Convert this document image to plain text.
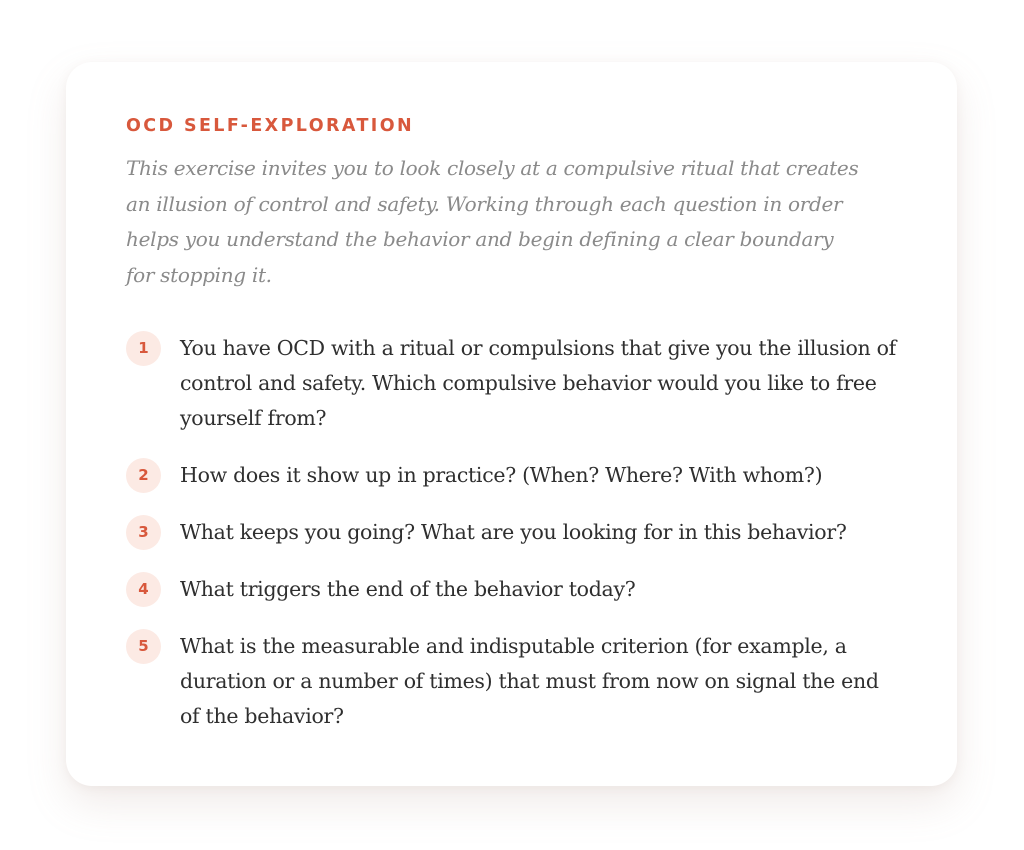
OCD SELF-EXPLORATION

This exercise invites you to look closely at a compulsive ritual that creates an illusion of control and safety. Working through each question in order helps you understand the behavior and begin defining a clear boundary for stopping it.

1	You have OCD with a ritual or compulsions that give you the illusion of control and safety. Which compulsive behavior would you like to free yourself from?
2	How does it show up in practice? (When? Where? With whom?)
3	What keeps you going? What are you looking for in this behavior?
4	What triggers the end of the behavior today?
5	What is the measurable and indisputable criterion (for example, a duration or a number of times) that must from now on signal the end of the behavior?
